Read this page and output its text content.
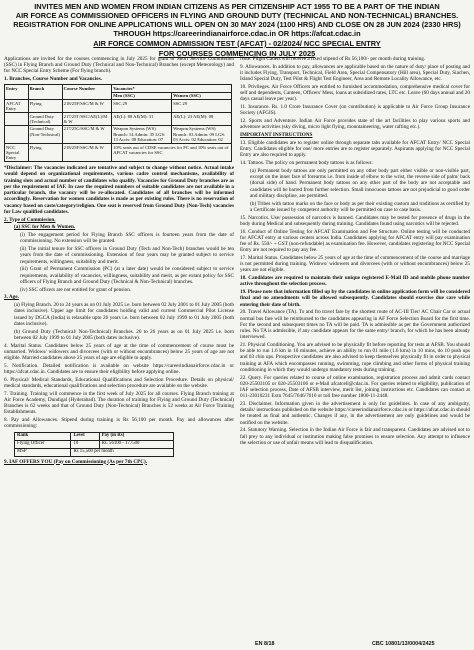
INVITES MEN AND WOMEN FROM INDIAN CITIZENS AS PER CITIZENSHIP ACT 1955 TO BE A PART OF THE INDIAN
AIR FORCE AS COMMISSIONED OFFICERS IN FLYING AND GROUND DUTY (TECHNICAL AND NON-TECHNICAL) BRANCHES.
REGISTRATION FOR ONLINE APPLICATIONS WILL OPEN ON 30 MAY 2024 (1100 HRS) AND CLOSE ON 28 JUN 2024 (2330 HRS)
THROUGH https://careerindianairforce.cdac.in OR https://afcat.cdac.in
AIR FORCE COMMON ADMISSION TEST (AFCAT) - 02/2024/ NCC SPECIAL ENTRY
FOR COURSES COMMENCING IN JULY 2025

Applications are invited for the courses commencing in July 2025 for grant of Short Service Commission (SSC) in Flying Branch and Ground Duty (Technical and Non-Technical) Branches (except Meteorology) and for NCC Special Entry Scheme (For flying branch).

1. Branches, Course Number and Vacancies.

Entry	Branch	Course Number	Vacancies*	
			Men (SSC)	Women (SSC)
AFCAT Entry	Flying	218/25F/SSC/M & W	SSC 29	SSC 29
	Ground Duty (Technical)	217/25T/SSC/AE(L)/M & W	AE(L): 88 AE(M): 31	AE(L): 23 AE(M): 08
	Ground Duty (Non-Technical)	217/25G/SSC/M & W	Weapon Systems (WS) Branch: 14 Admin: 35 LGS: 13 Accts: 08 Education: 07	Weapon Systems (WS) Branch: 03 Admin: 09 LGS: 03 Accts: 02 Education: 02
NCC Special Entry	Flying	218/25F/SSC/M & W	10% seats out of CDSE vacancies for PC and 10% seats out of AFCAT vacancies for SSC	

*Disclaimer: The vacancies indicated are tentative and subject to change without notice. Actual intake would depend on organizational requirements, various cadre control mechanisms, availability of training slots and actual number of candidates who qualify. Vacancies for Ground Duty branches are as per the requirement of IAF. In case the required numbers of suitable candidates are not available in a particular branch, the vacancy will be re-allocated. Candidates of all branches will be informed accordingly. Reservation for women candidates is made as per existing rules. There is no reservation of vacancy based on caste/category/religion. One seat is reserved from Ground Duty (Non-Tech) vacancies for Law qualified candidates.

2. Type of Commission.

(a) SSC for Men & Women.

(i) The engagement period for Flying Branch SSC officers is fourteen years from the date of commissioning. No extension will be granted.

(ii) The initial tenure for SSC officers in Ground Duty (Tech and Non-Tech) branches would be ten years from the date of commissioning. Extension of four years may be granted subject to service requirements, willingness, suitability and merit.

(iii) Grant of Permanent Commission (PC) (at a later date) would be considered subject to service requirements, availability of vacancies, willingness, suitability and merit, as per extant policy for SSC officers of Flying Branch and Ground Duty (Technical & Non-Technical) branches.

(iv) SSC officers are not entitled for grant of pension.

3. Age.

(a) Flying Branch. 20 to 24 years as on 01 July 2025 i.e. born between 02 July 2001 to 01 July 2005 (both dates inclusive). Upper age limit for candidates holding valid and current Commercial Pilot License issued by DGCA (India) is relaxable upto 26 years i.e. born between 02 July 1999 to 01 July 2005 (both dates inclusive).

(b) Ground Duty (Technical/ Non-Technical) Branches. 20 to 26 years as on 01 July 2025 i.e. born between 02 July 1999 to 01 July 2005 (both dates inclusive).

4. Marital Status. Candidates below 25 years of age at the time of commencement of course must be unmarried. Widows/ widowers and divorcees (with or without encumbrances) below 25 years of age are not eligible. Married candidates above 25 years of age are eligible to apply.

5. Notification. Detailed notification is available on website https://careerindianairforce.cdac.in or https://afcat.cdac.in. Candidates are to ensure their eligibility before applying online.

6. Physical/ Medical Standards, Educational Qualifications and Selection Procedure. Details on physical/ medical standards, educational qualifications and selection procedure are available on the website.

7. Training. Training will commence in the first week of July 2025 for all courses. Flying Branch training at Air Force Academy, Dundigal (Hyderabad). The duration of training for Flying and Ground Duty (Technical) Branches is 62 weeks and that of Ground Duty (Non-Technical) Branches is 52 weeks at Air Force Training Establishments.

8. Pay and Allowances. Stipend during training is Rs 56,100 per month. Pay and allowances after commissioning:

Rank	Level	Pay (in Rs)
Flying Officer	10	Rs. 56100 - 177500
MSP	Rs 15,500 per month	

9. IAF OFFERS YOU (Pay on Commissioning (As per 7th CPC).

Note. Flight Cadets will receive a fixed stipend of Rs 56,100/- per month during training.

9. Allowances. In addition to pay, allowances are applicable based on the nature of duty/ place of posting and it includes Flying, Transport, Technical, Field Area, Special Compensatory (Hill area), Special Duty, Siachen, Island Special Duty, Test Pilot & Flight Test Engineer, Area and Remote Locality Allowance, etc.

10. Privileges. Air Force Officers are entitled to furnished accommodation, comprehensive medical cover for self and dependents, Canteen, Officers' Mess, loans at subsidized rates, LTC etc. Leave (60 days annual and 20 days casual leave per year).

11. Insurance. Rs. 1.0 Crore Insurance Cover (on contribution) is applicable to Air Force Group Insurance Society (AFGIS).

12. Sports and Adventure. Indian Air Force provides state of the art facilities to play various sports and adventure activities (sky diving, micro light flying, mountaineering, water rafting etc.).

IMPORTANT INSTRUCTIONS

13. Eligible candidates are to register online through separate tabs available for AFCAT Entry/ NCC Special Entry. Candidates eligible for one/ more entries are to register separately. Aspirants applying for NCC Special Entry are also required to apply.

14. Tattoos. The policy on permanent body tattoos is as follows:

(a) Permanent body tattoos are only permitted on any other body part either visible or non-visible part, except on the inner face of forearms i.e. from inside of elbow to the wrist, the reverse side of palm/ back (dorsal side) of hand. Permanent body tattoos on any other part of the body are not acceptable and candidates will be barred from further selection. Small innocuous tattoos are not prejudicial to good order and military discipline, are permitted.

(b) Tribes with tattoo marks on the face or body as per their existing custom and traditions as certified by a Certificate issued by competent authority will be permitted on case to case basis.

15. Narcotics. Use/ possession of narcotics is banned. Candidates may be tested for presence of drugs in the body during Medical and subsequently during training. Candidates found using narcotics will be rejected.

16. Conduct of Online Testing for AFCAT Examination and Fee Structure. Online testing will be conducted for AFCAT entry at various centers across India. Candidates applying for AFCAT entry will pay examination fee of Rs. 550/- + GST (non-refundable) as examination fee. However, candidates registering for NCC Special Entry are not required to pay any fee.

17. Marital Status. Candidates below 25 years of age at the time of commencement of the course and marriage is not permitted during training. Widows/ widowers and divorcees (with or without encumbrances) below 25 years are not eligible.

18. Candidates are required to maintain their unique registered E-Mail ID and mobile phone number active throughout the selection process.

19. Please note that information filled up by the candidates in online application form will be considered final and no amendments will be allowed subsequently. Candidates should exercise due care while entering their date of birth.

20. Travel Allowance (TA). To and fro travel fare by the shortest route of AC-III Tier/ AC Chair Car or actual normal bus fare will be reimbursed to the candidates appearing in AF Force Selection Board for the first time. For the second and subsequent times no TA will be paid. TA is admissible as per the Government authorized rules. No TA is admissible, if any candidate appears for the same entry/ branch, for which he has been already interviewed.

21. Physical Conditioning. You are advised to be physically fit before reporting for tests at AFSB. You should be able to run 1.6 km in 10 minutes, achieve an ability to run 01 mile (1.6 kms) in 10 mins, do 10 push ups and 03 chin ups. Prospective candidates are also advised to keep themselves physically fit in order to physical training at AFA which encompasses running, swimming, rope climbing and other forms of physical training conditioning in which they would undergo mandatory tests during training.

22. Query. For queries related to course of online examination, registration process and admit cards contact 020-25503105 or 020-25503106 or e-Mail afcatcell@cdac.in. For queries related to eligibility, publication of IAF selection process, Date of AFSB interview, merit list, joining instructions etc. Candidates can contact at 011-23010231 Extn 7645/7646/7610 or toll free number 1800-11-2448.

23. Disclaimer. Information given in the advertisement is only for guidelines. In case of any ambiguity, details/ instructions published on the website https://careerindianairforce.cdac.in or https://afcat.cdac.in should be treated as final and authentic. Changes if any, in the advertisement are only guidelines and would be notified on the website.

24. Statutory Warning. Selection in the Indian Air Force is fair and transparent. Candidates are advised not to fall prey to any individual or institution making false promises to ensure selection. Any attempt to influence the selection or use of unfair means will lead to disqualification.

EN 8/18	CBC 10801/13/0004/2425
